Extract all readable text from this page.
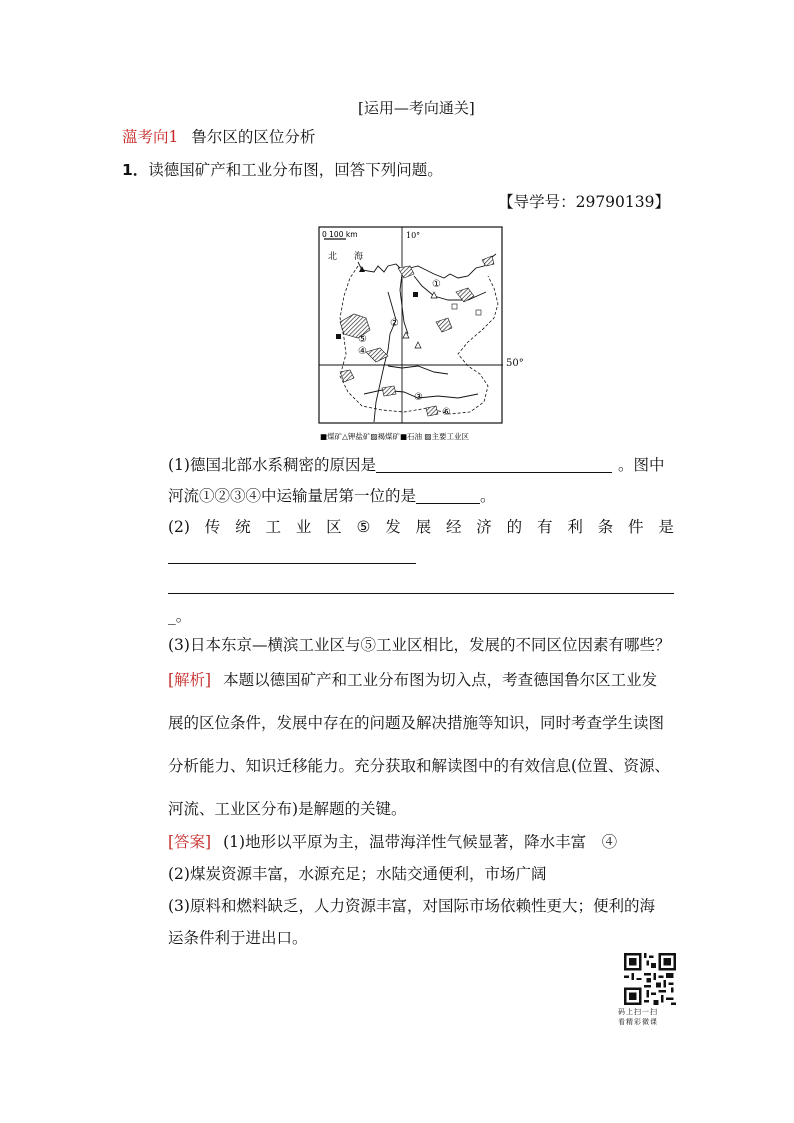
[运用—考向通关]
薀考向1 鲁尔区的区位分析
1．读德国矿产和工业分布图，回答下列问题。
【导学号：29790139】
0 100 km	10°
北 海
①
②
③
④
⑤
⑥
■煤矿△钾盐矿▨褐煤矿■石油 ▨主要工业区
50°
(1)德国北部水系稠密的原因是	。图中
河流①②③④中运输量居第一位的是	。
(2) 传 统 工 业 区 ⑤ 发 展 经 济 的 有 利 条 件 是
_。
(3)日本东京—横滨工业区与⑤工业区相比，发展的不同区位因素有哪些？
[解析] 本题以德国矿产和工业分布图为切入点，考查德国鲁尔区工业发
展的区位条件，发展中存在的问题及解决措施等知识，同时考查学生读图
分析能力、知识迁移能力。充分获取和解读图中的有效信息(位置、资源、
河流、工业区分布)是解题的关键。
[答案] (1)地形以平原为主，温带海洋性气候显著，降水丰富　④
(2)煤炭资源丰富，水源充足；水陆交通便利，市场广阔
(3)原料和燃料缺乏，人力资源丰富，对国际市场依赖性更大；便利的海
运条件利于进出口。
码上扫一扫
看精彩微课
